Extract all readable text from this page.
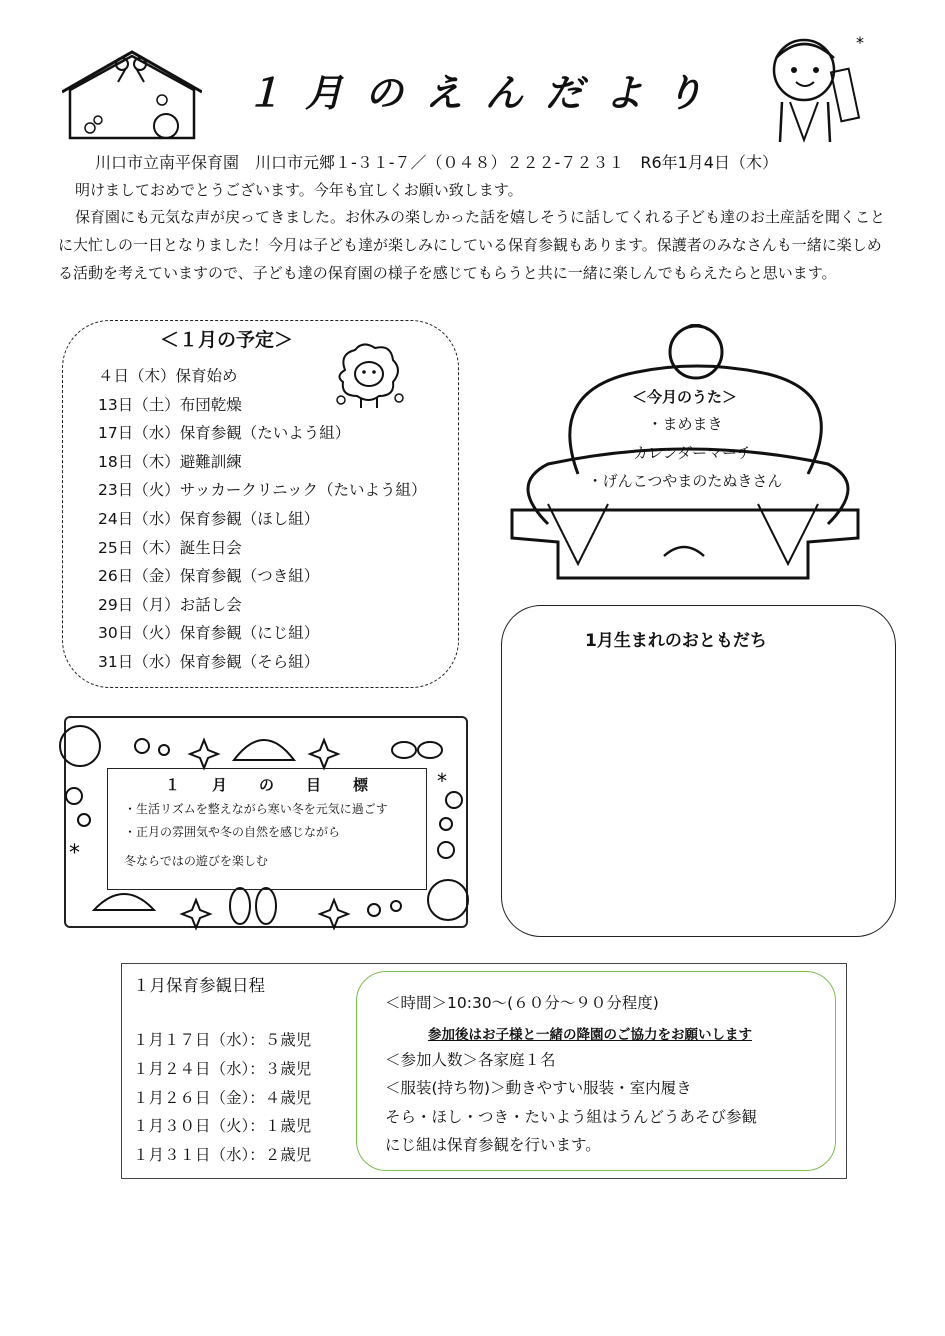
１月のえんだより
*
川口市立南平保育園　川口市元郷１-３１-７／（０４８）２２２-７２３１　R6年1月4日（木）
明けましておめでとうございます。今年も宜しくお願い致します。
保育園にも元気な声が戻ってきました。お休みの楽しかった話を嬉しそうに話してくれる子ども達のお土産話を聞くことに大忙しの一日となりました！今月は子ども達が楽しみにしている保育参観もあります。保護者のみなさんも一緒に楽しめる活動を考えていますので、子ども達の保育園の様子を感じてもらうと共に一緒に楽しんでもらえたらと思います。
＜１月の予定＞
４日（木）保育始め
13日（土）布団乾燥
17日（水）保育参観（たいよう組）
18日（木）避難訓練
23日（火）サッカークリニック（たいよう組）
24日（水）保育参観（ほし組）
25日（木）誕生日会
26日（金）保育参観（つき組）
29日（月）お話し会
30日（火）保育参観（にじ組）
31日（水）保育参観（そら組）
＜今月のうた＞
・まめまき
・カレンダーマーチ
・げんこつやまのたぬきさん
1月生まれのおともだち
*
*
１月の目標
・生活リズムを整えながら寒い冬を元気に過ごす
・正月の雰囲気や冬の自然を感じながら
冬ならではの遊びを楽しむ
１月保育参観日程
１月１７日（水）：５歳児
１月２４日（水）：３歳児
１月２６日（金）：４歳児
１月３０日（火）：１歳児
１月３１日（水）：２歳児
＜時間＞10:30～(６０分～９０分程度)
参加後はお子様と一緒の降園のご協力をお願いします
＜参加人数＞各家庭１名
＜服装(持ち物)＞動きやすい服装・室内履き
そら・ほし・つき・たいよう組はうんどうあそび参観
にじ組は保育参観を行います。
